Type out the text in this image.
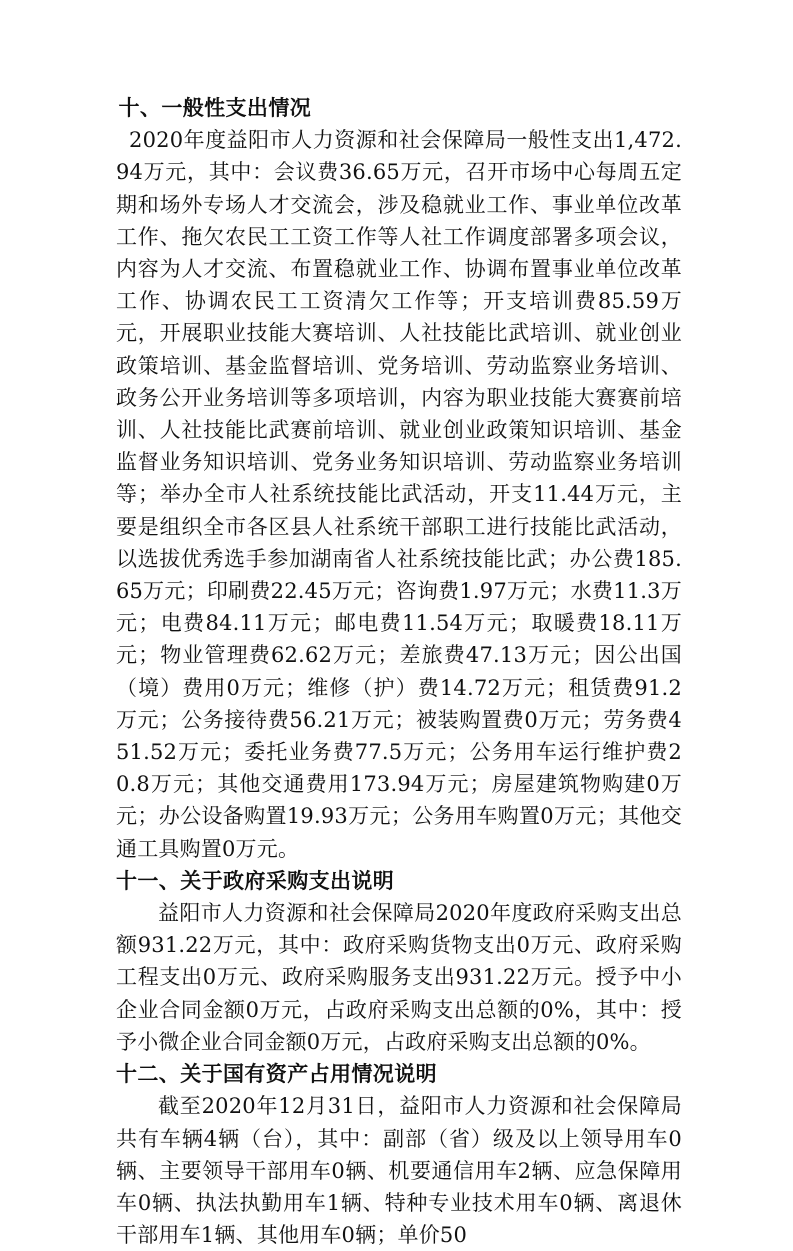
十、一般性支出情况

2020年度益阳市人力资源和社会保障局一般性支出1,472.94万元，其中：会议费36.65万元，召开市场中心每周五定期和场外专场人才交流会，涉及稳就业工作、事业单位改革工作、拖欠农民工工资工作等人社工作调度部署多项会议，内容为人才交流、布置稳就业工作、协调布置事业单位改革工作、协调农民工工资清欠工作等；开支培训费85.59万元，开展职业技能大赛培训、人社技能比武培训、就业创业政策培训、基金监督培训、党务培训、劳动监察业务培训、政务公开业务培训等多项培训，内容为职业技能大赛赛前培训、人社技能比武赛前培训、就业创业政策知识培训、基金监督业务知识培训、党务业务知识培训、劳动监察业务培训等；举办全市人社系统技能比武活动，开支11.44万元，主要是组织全市各区县人社系统干部职工进行技能比武活动，以选拔优秀选手参加湖南省人社系统技能比武；办公费185.65万元；印刷费22.45万元；咨询费1.97万元；水费11.3万元；电费84.11万元；邮电费11.54万元；取暖费18.11万元；物业管理费62.62万元；差旅费47.13万元；因公出国（境）费用0万元；维修（护）费14.72万元；租赁费91.2万元；公务接待费56.21万元；被装购置费0万元；劳务费451.52万元；委托业务费77.5万元；公务用车运行维护费20.8万元；其他交通费用173.94万元；房屋建筑物购建0万元；办公设备购置19.93万元；公务用车购置0万元；其他交通工具购置0万元。

十一、关于政府采购支出说明

益阳市人力资源和社会保障局2020年度政府采购支出总额931.22万元，其中：政府采购货物支出0万元、政府采购工程支出0万元、政府采购服务支出931.22万元。授予中小企业合同金额0万元，占政府采购支出总额的0%，其中：授予小微企业合同金额0万元，占政府采购支出总额的0%。

十二、关于国有资产占用情况说明

截至2020年12月31日，益阳市人力资源和社会保障局共有车辆4辆（台），其中：副部（省）级及以上领导用车0辆、主要领导干部用车0辆、机要通信用车2辆、应急保障用车0辆、执法执勤用车1辆、特种专业技术用车0辆、离退休干部用车1辆、其他用车0辆；单价50
